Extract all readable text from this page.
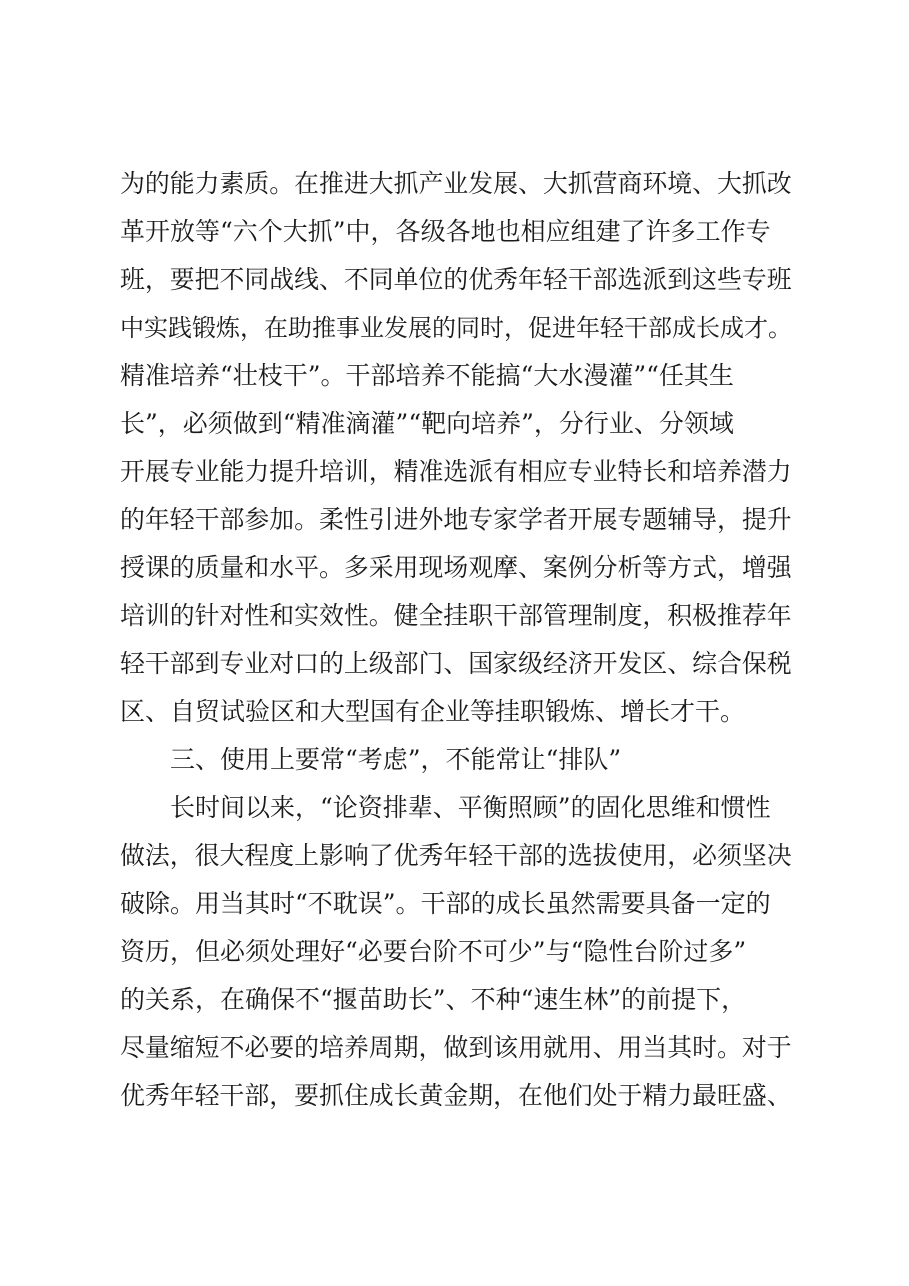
为的能力素质。在推进大抓产业发展、大抓营商环境、大抓改
革开放等“六个大抓”中，各级各地也相应组建了许多工作专
班，要把不同战线、不同单位的优秀年轻干部选派到这些专班
中实践锻炼，在助推事业发展的同时，促进年轻干部成长成才。
精准培养“壮枝干”。干部培养不能搞“大水漫灌”“任其生
长”，必须做到“精准滴灌”“靶向培养”，分行业、分领域
开展专业能力提升培训，精准选派有相应专业特长和培养潜力
的年轻干部参加。柔性引进外地专家学者开展专题辅导，提升
授课的质量和水平。多采用现场观摩、案例分析等方式，增强
培训的针对性和实效性。健全挂职干部管理制度，积极推荐年
轻干部到专业对口的上级部门、国家级经济开发区、综合保税
区、自贸试验区和大型国有企业等挂职锻炼、增长才干。
三、使用上要常“考虑”，不能常让“排队”
长时间以来，“论资排辈、平衡照顾”的固化思维和惯性
做法，很大程度上影响了优秀年轻干部的选拔使用，必须坚决
破除。用当其时“不耽误”。干部的成长虽然需要具备一定的
资历，但必须处理好“必要台阶不可少”与“隐性台阶过多”
的关系，在确保不“揠苗助长”、不种“速生林”的前提下，
尽量缩短不必要的培养周期，做到该用就用、用当其时。对于
优秀年轻干部，要抓住成长黄金期，在他们处于精力最旺盛、
